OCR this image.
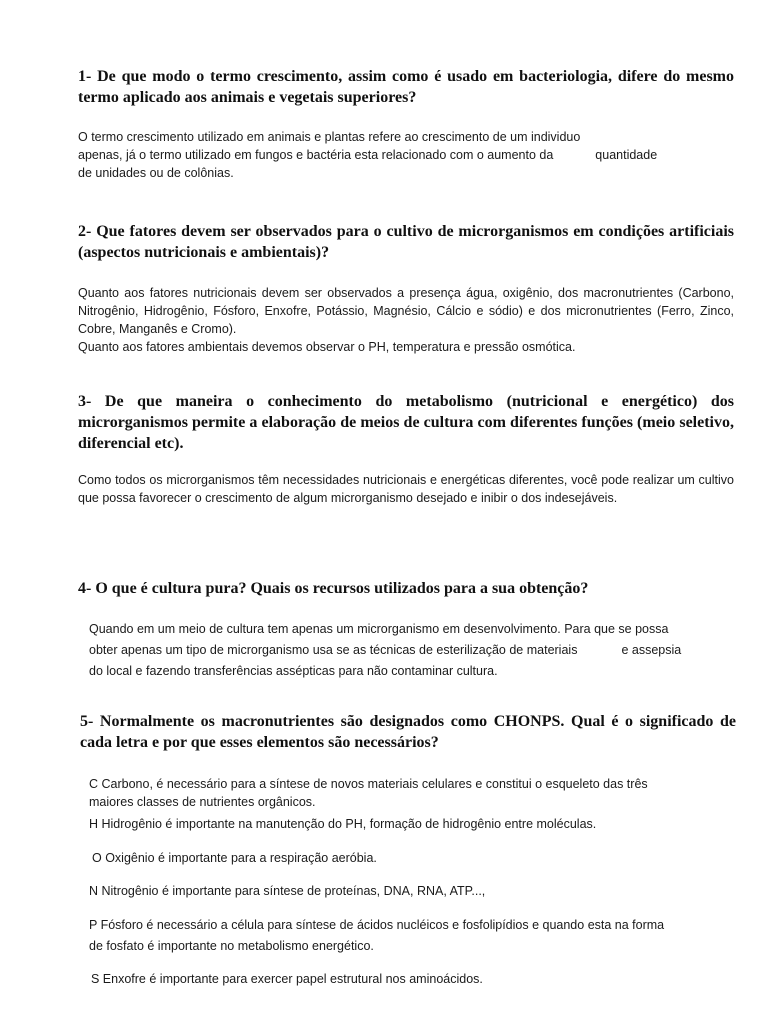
1- De que modo o termo crescimento, assim como é usado em bacteriologia, difere do mesmo termo aplicado aos animais e vegetais superiores?

O termo crescimento utilizado em animais e plantas refere ao crescimento de um individuo
apenas, já o termo utilizado em fungos e bactéria esta relacionado com o aumento da	quantidade
de unidades ou de colônias.

2- Que fatores devem ser observados para o cultivo de microrganismos em condições artificiais (aspectos nutricionais e ambientais)?

Quanto aos fatores nutricionais devem ser observados a presença água, oxigênio, dos macronutrientes (Carbono, Nitrogênio, Hidrogênio, Fósforo, Enxofre, Potássio, Magnésio, Cálcio e sódio) e dos micronutrientes (Ferro, Zinco, Cobre, Manganês e Cromo).
Quanto aos fatores ambientais devemos observar o PH, temperatura e pressão osmótica.

3- De que maneira o conhecimento do metabolismo (nutricional e energético) dos microrganismos permite a elaboração de meios de cultura com diferentes funções (meio seletivo, diferencial etc).

Como todos os microrganismos têm necessidades nutricionais e energéticas diferentes, você pode realizar um cultivo que possa favorecer o crescimento de algum microrganismo desejado e inibir o dos indesejáveis.

4- O que é cultura pura? Quais os recursos utilizados para a sua obtenção?

Quando em um meio de cultura tem apenas um microrganismo em desenvolvimento. Para que se possa
obter apenas um tipo de microrganismo usa se as técnicas de esterilização de materiais	e assepsia
do local e fazendo transferências assépticas para não contaminar cultura.

5- Normalmente os macronutrientes são designados como CHONPS. Qual é o significado de cada letra e por que esses elementos são necessários?

C Carbono, é necessário para a síntese de novos materiais celulares e constitui o esqueleto das três
maiores classes de nutrientes orgânicos.
H Hidrogênio é importante na manutenção do PH, formação de hidrogênio entre moléculas.
O Oxigênio é importante para a respiração aeróbia.
N Nitrogênio é importante para síntese de proteínas, DNA, RNA, ATP...,
P Fósforo é necessário a célula para síntese de ácidos nucléicos e fosfolipídios e quando esta na forma
de fosfato é importante no metabolismo energético.
S Enxofre é importante para exercer papel estrutural nos aminoácidos.
